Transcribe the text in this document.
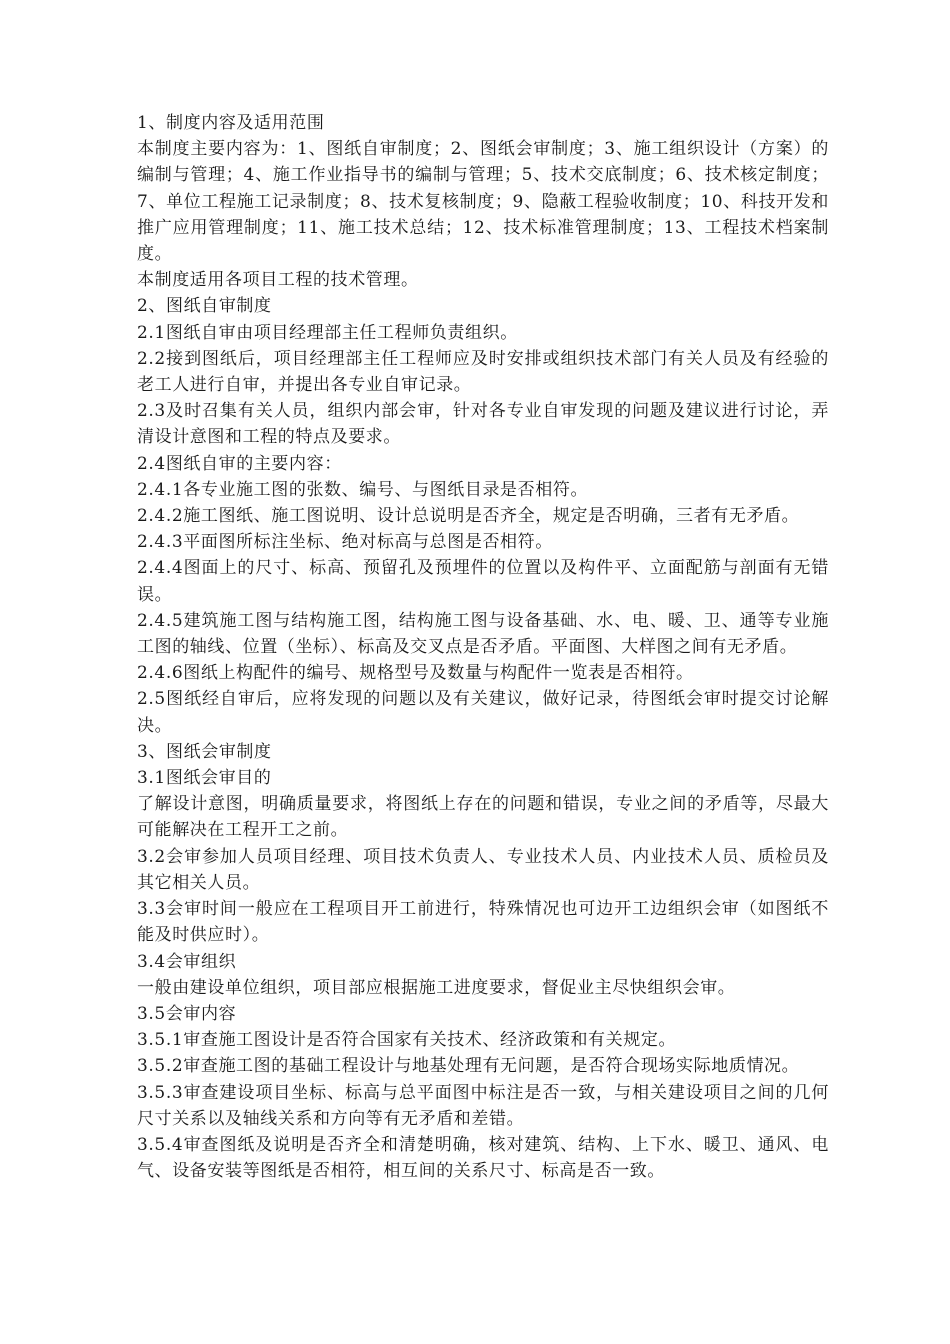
1、制度内容及适用范围

本制度主要内容为：1、图纸自审制度；2、图纸会审制度；3、施工组织设计（方案）的编制与管理；4、施工作业指导书的编制与管理；5、技术交底制度；6、技术核定制度；7、单位工程施工记录制度；8、技术复核制度；9、隐蔽工程验收制度；10、科技开发和推广应用管理制度；11、施工技术总结；12、技术标准管理制度；13、工程技术档案制度。

本制度适用各项目工程的技术管理。

2、图纸自审制度

2.1图纸自审由项目经理部主任工程师负责组织。

2.2接到图纸后，项目经理部主任工程师应及时安排或组织技术部门有关人员及有经验的老工人进行自审，并提出各专业自审记录。

2.3及时召集有关人员，组织内部会审，针对各专业自审发现的问题及建议进行讨论，弄清设计意图和工程的特点及要求。

2.4图纸自审的主要内容：

2.4.1各专业施工图的张数、编号、与图纸目录是否相符。

2.4.2施工图纸、施工图说明、设计总说明是否齐全，规定是否明确，三者有无矛盾。

2.4.3平面图所标注坐标、绝对标高与总图是否相符。

2.4.4图面上的尺寸、标高、预留孔及预埋件的位置以及构件平、立面配筋与剖面有无错误。

2.4.5建筑施工图与结构施工图，结构施工图与设备基础、水、电、暖、卫、通等专业施工图的轴线、位置（坐标）、标高及交叉点是否矛盾。平面图、大样图之间有无矛盾。

2.4.6图纸上构配件的编号、规格型号及数量与构配件一览表是否相符。

2.5图纸经自审后，应将发现的问题以及有关建议，做好记录，待图纸会审时提交讨论解决。

3、图纸会审制度

3.1图纸会审目的

了解设计意图，明确质量要求，将图纸上存在的问题和错误，专业之间的矛盾等，尽最大可能解决在工程开工之前。

3.2会审参加人员项目经理、项目技术负责人、专业技术人员、内业技术人员、质检员及其它相关人员。

3.3会审时间一般应在工程项目开工前进行，特殊情况也可边开工边组织会审（如图纸不能及时供应时）。

3.4会审组织

一般由建设单位组织，项目部应根据施工进度要求，督促业主尽快组织会审。

3.5会审内容

3.5.1审查施工图设计是否符合国家有关技术、经济政策和有关规定。

3.5.2审查施工图的基础工程设计与地基处理有无问题，是否符合现场实际地质情况。

3.5.3审查建设项目坐标、标高与总平面图中标注是否一致，与相关建设项目之间的几何尺寸关系以及轴线关系和方向等有无矛盾和差错。

3.5.4审查图纸及说明是否齐全和清楚明确，核对建筑、结构、上下水、暖卫、通风、电气、设备安装等图纸是否相符，相互间的关系尺寸、标高是否一致。
